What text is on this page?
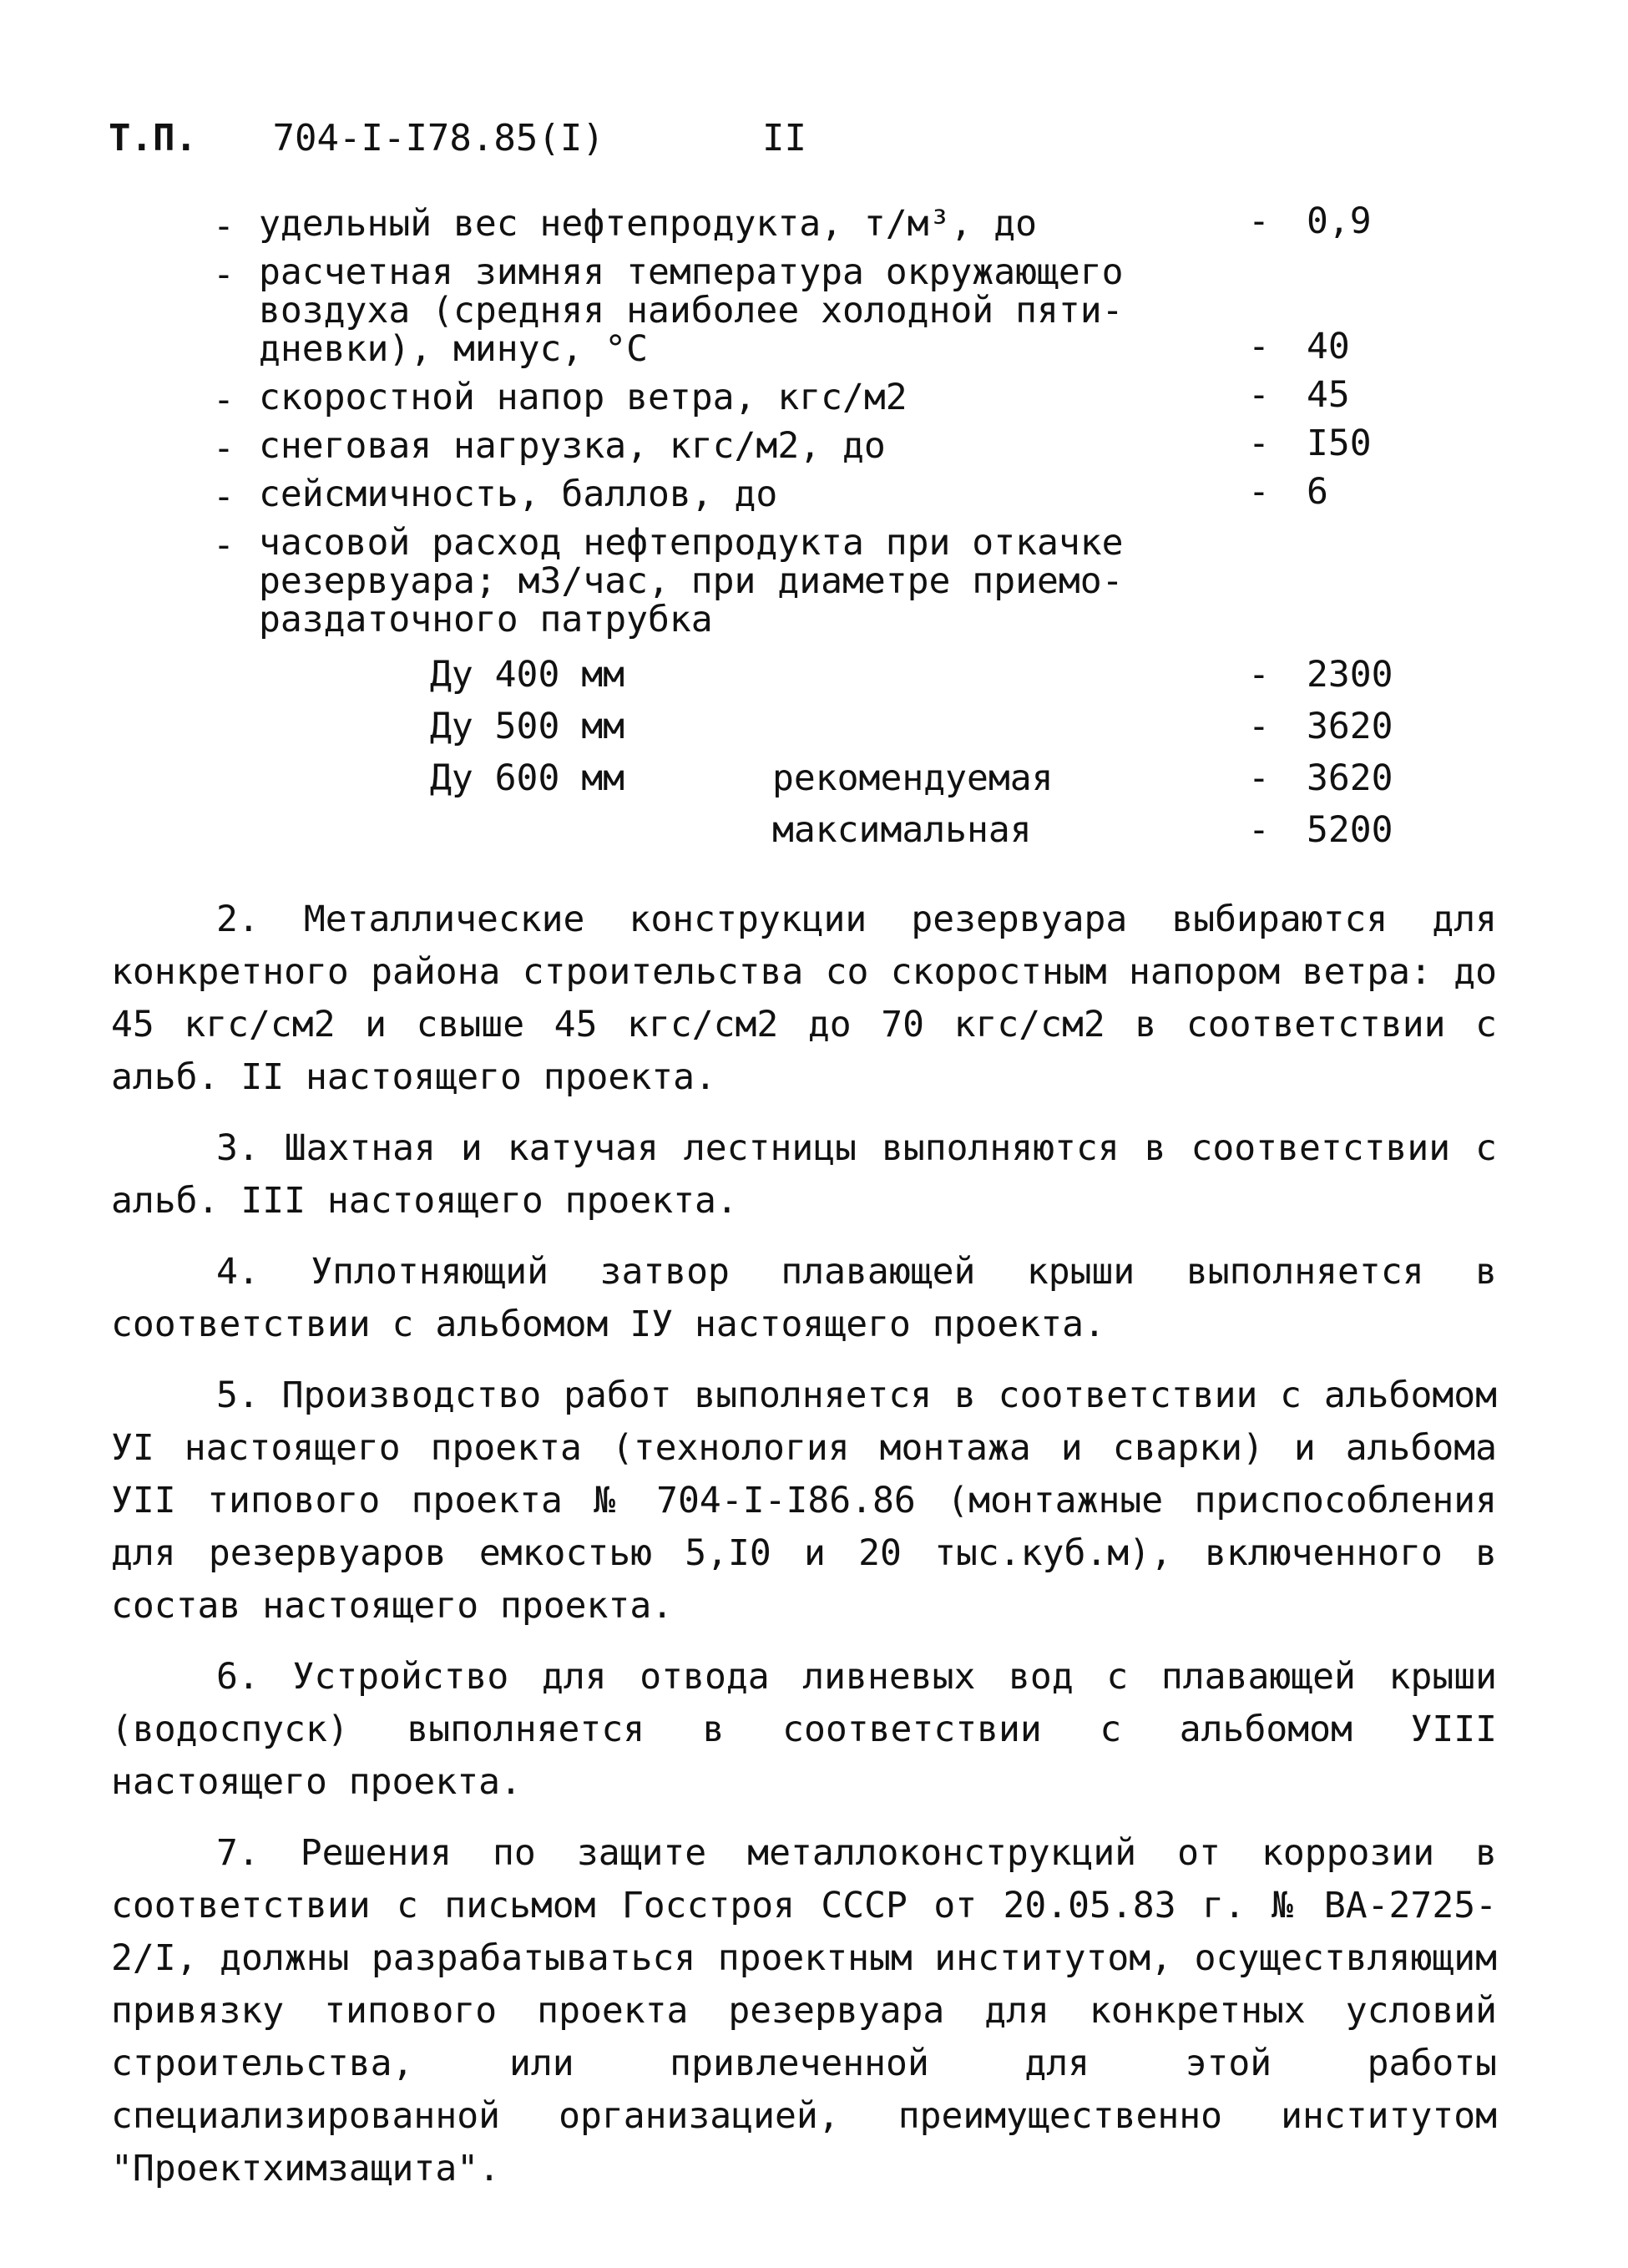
Т.П. 704-I-I78.85(I)	II
- удельный вес нефтепродукта, т/м³, до	- 0,9
- расчетная зимняя температура окружающего
воздуха (средняя наиболее холодной пяти-
дневки), минус, °С	- 40
- скоростной напор ветра, кгс/м2	- 45
- снеговая нагрузка, кгс/м2, до	- I50
- сейсмичность, баллов, до	- 6
- часовой расход нефтепродукта при откачке
резервуара; м3/час, при диаметре приемо-
раздаточного патрубка
Ду 400 мм	- 2300
Ду 500 мм	- 3620
Ду 600 мм	рекомендуемая	- 3620
максимальная	- 5200

2. Металлические конструкции резервуара выбираются для конкретного района строительства со скоростным напором ветра: до 45 кгс/см2 и свыше 45 кгс/см2 до 70 кгс/см2 в соответствии с альб. II настоящего проекта.

3. Шахтная и катучая лестницы выполняются в соответствии с альб. III настоящего проекта.

4. Уплотняющий затвор плавающей крыши выполняется в соответствии с альбомом IУ настоящего проекта.

5. Производство работ выполняется в соответствии с альбомом УI настоящего проекта (технология монтажа и сварки) и альбома УII типового проекта № 704-I-I86.86 (монтажные приспособления для резервуаров емкостью 5,I0 и 20 тыс.куб.м), включенного в состав настоящего проекта.

6. Устройство для отвода ливневых вод с плавающей крыши (водоспуск) выполняется в соответствии с альбомом УIII настоящего проекта.

7. Решения по защите металлоконструкций от коррозии в соответствии с письмом Госстроя СССР от 20.05.83 г. № ВА-2725-2/I, должны разрабатываться проектным институтом, осуществляющим привязку типового проекта резервуара для конкретных условий строительства, или привлеченной для этой работы специализированной организацией, преимущественно институтом "Проектхимзащита".
